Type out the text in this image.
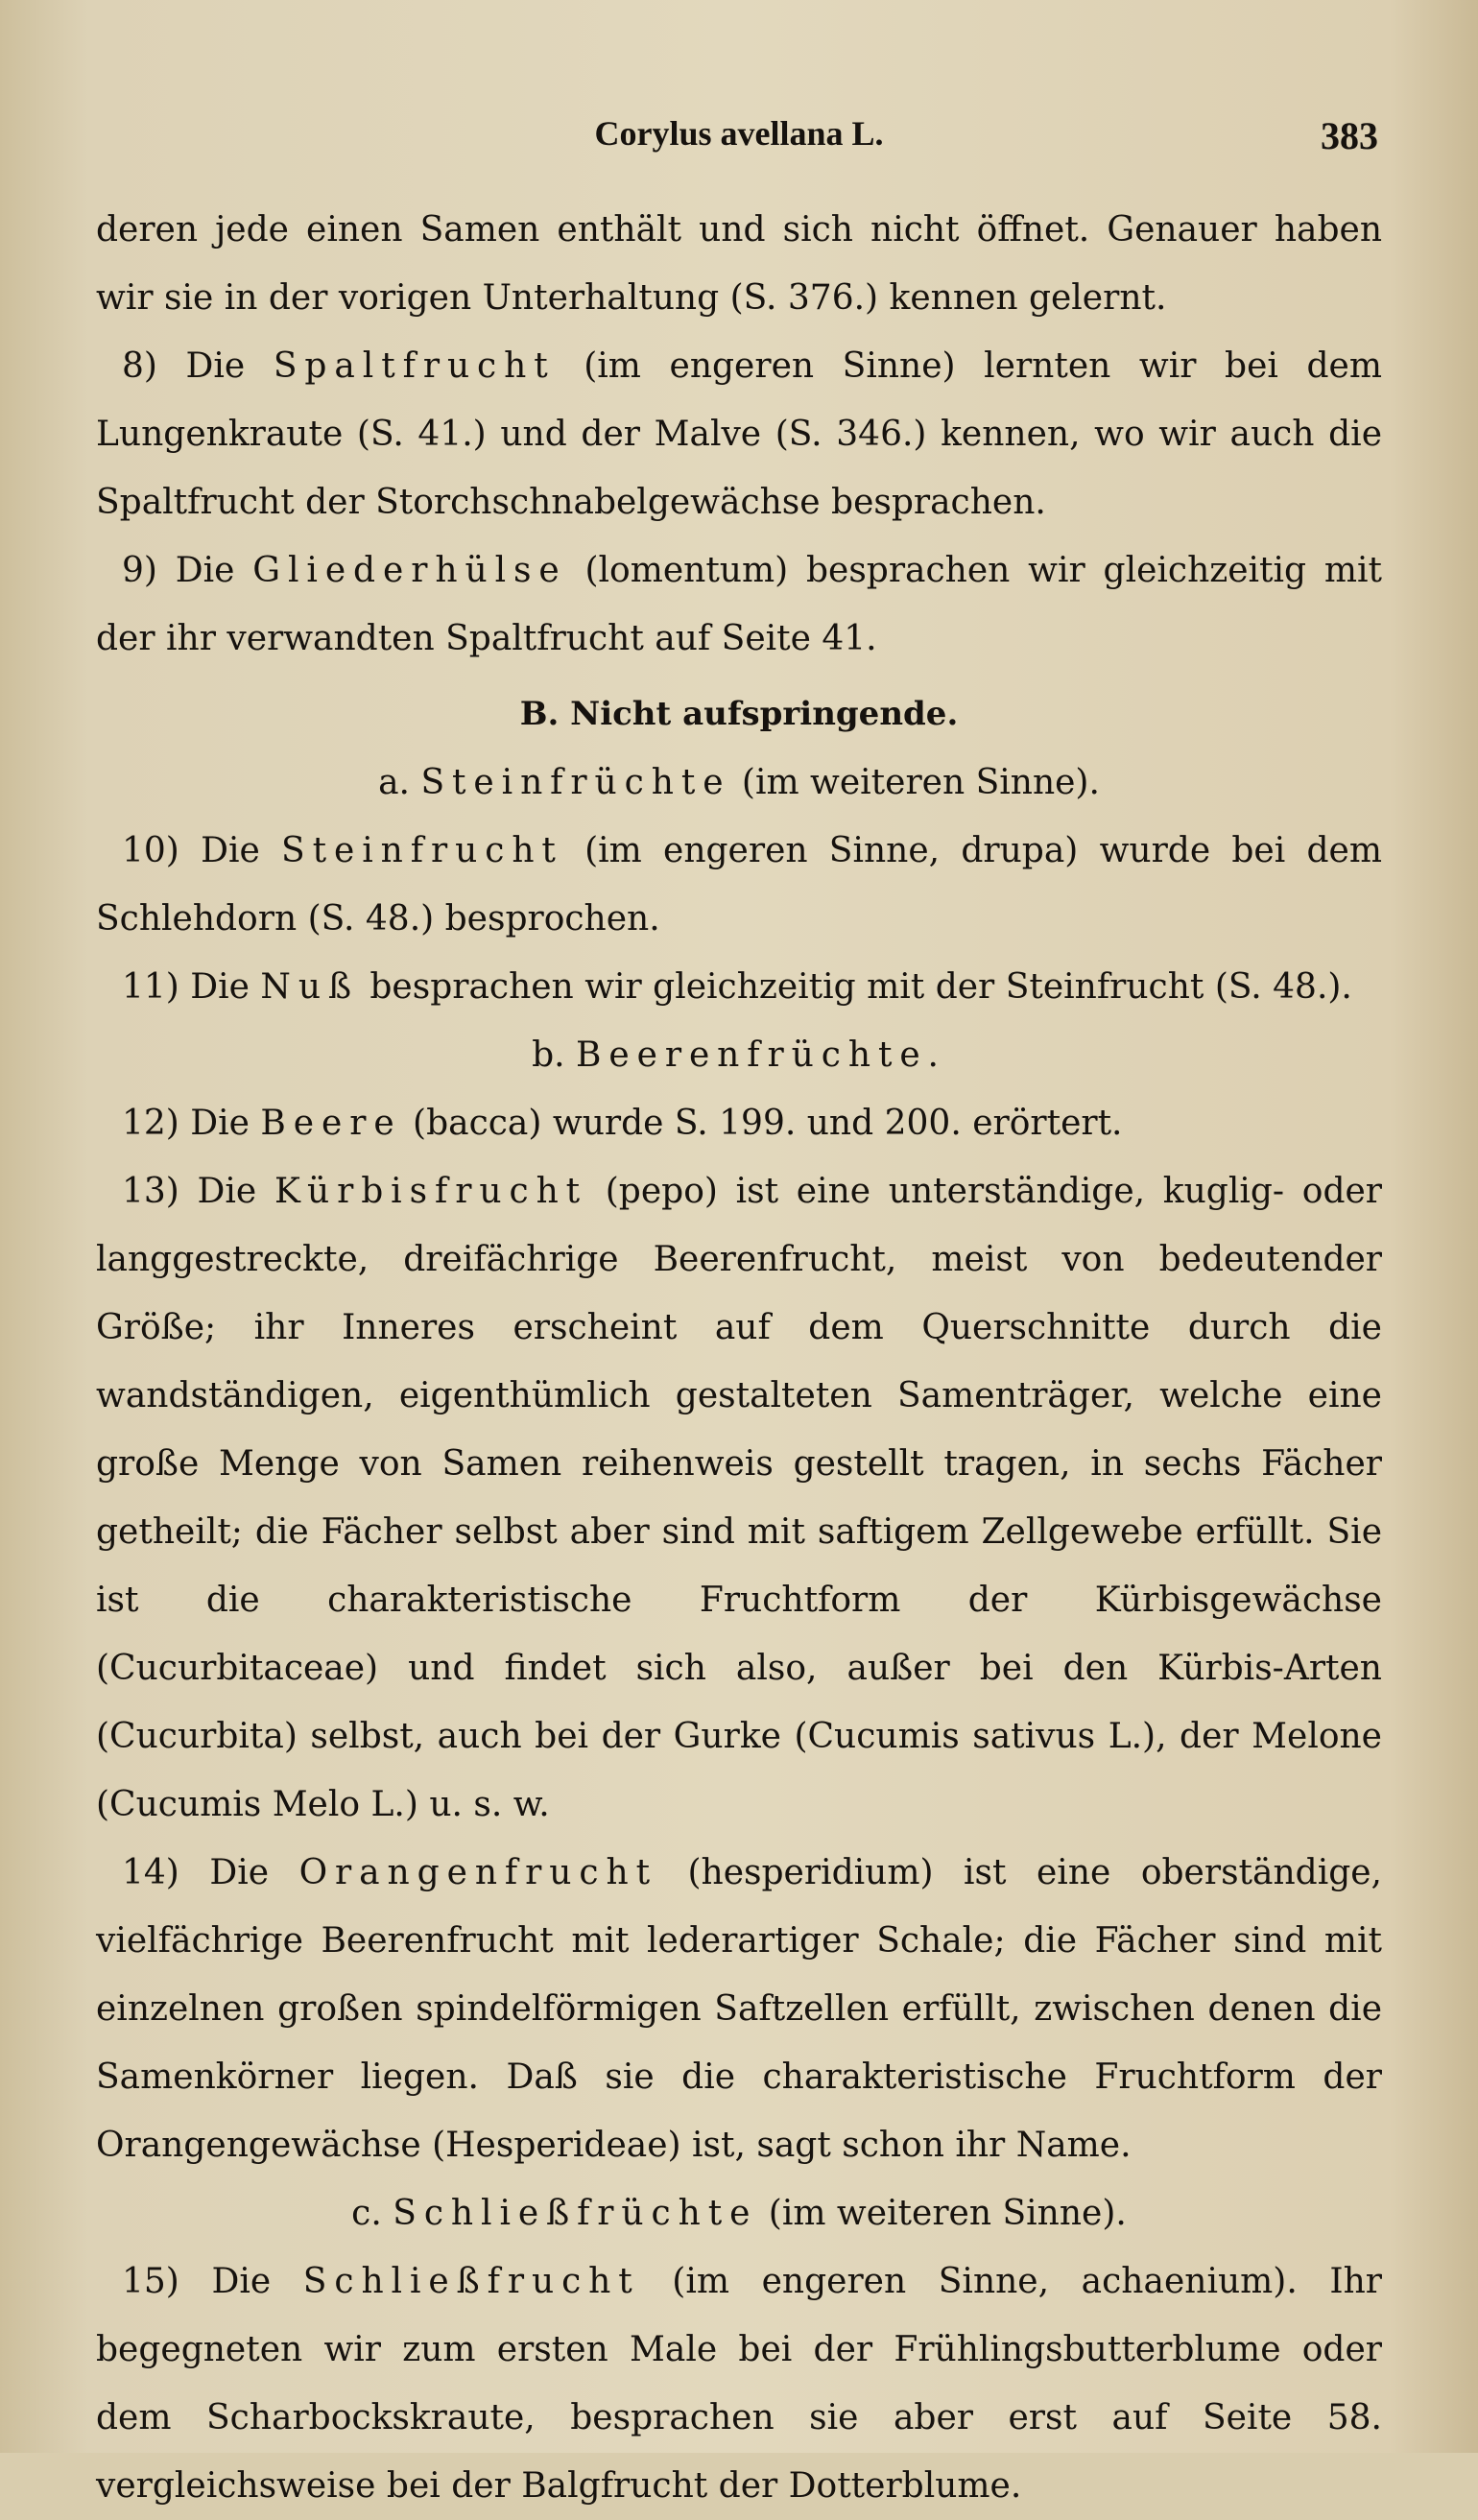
Corylus avellana L.	383

deren jede einen Samen enthält und sich nicht öffnet. Genauer haben wir sie in der vorigen Unterhaltung (S. 376.) kennen gelernt.

8) Die Spaltfrucht (im engeren Sinne) lernten wir bei dem Lungenkraute (S. 41.) und der Malve (S. 346.) kennen, wo wir auch die Spaltfrucht der Storchschnabelgewächse besprachen.

9) Die Gliederhülse (lomentum) besprachen wir gleichzeitig mit der ihr verwandten Spaltfrucht auf Seite 41.

B. Nicht aufspringende.

a. Steinfrüchte (im weiteren Sinne).

10) Die Steinfrucht (im engeren Sinne, drupa) wurde bei dem Schlehdorn (S. 48.) besprochen.

11) Die Nuß besprachen wir gleichzeitig mit der Steinfrucht (S. 48.).

b. Beerenfrüchte.

12) Die Beere (bacca) wurde S. 199. und 200. erörtert.

13) Die Kürbisfrucht (pepo) ist eine unterständige, kuglig- oder langgestreckte, dreifächrige Beerenfrucht, meist von bedeutender Größe; ihr Inneres erscheint auf dem Querschnitte durch die wandständigen, eigenthümlich gestalteten Samenträger, welche eine große Menge von Samen reihenweis gestellt tragen, in sechs Fächer getheilt; die Fächer selbst aber sind mit saftigem Zellgewebe erfüllt. Sie ist die charakteristische Fruchtform der Kürbisgewächse (Cucurbitaceae) und findet sich also, außer bei den Kürbis-Arten (Cucurbita) selbst, auch bei der Gurke (Cucumis sativus L.), der Melone (Cucumis Melo L.) u. s. w.

14) Die Orangenfrucht (hesperidium) ist eine oberständige, vielfächrige Beerenfrucht mit lederartiger Schale; die Fächer sind mit einzelnen großen spindelförmigen Saftzellen erfüllt, zwischen denen die Samenkörner liegen. Daß sie die charakteristische Fruchtform der Orangengewächse (Hesperideae) ist, sagt schon ihr Name.

c. Schließfrüchte (im weiteren Sinne).

15) Die Schließfrucht (im engeren Sinne, achaenium). Ihr begegneten wir zum ersten Male bei der Frühlingsbutterblume oder dem Scharbockskraute, besprachen sie aber erst auf Seite 58. vergleichsweise bei der Balgfrucht der Dotterblume.
